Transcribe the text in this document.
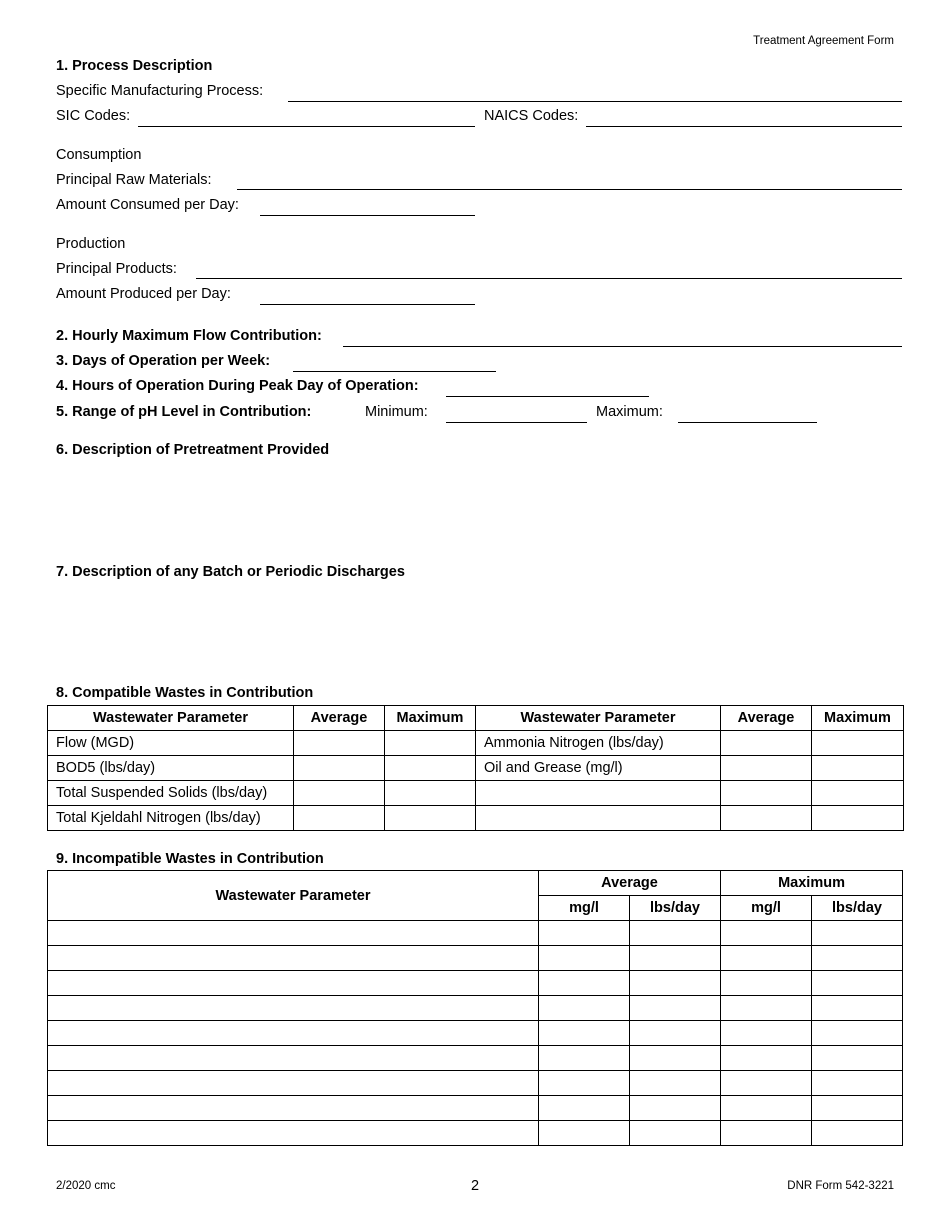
Treatment Agreement Form
1. Process Description
Specific Manufacturing Process:
SIC Codes:	NAICS Codes:
Consumption
Principal Raw Materials:
Amount Consumed per Day:
Production
Principal Products:
Amount Produced per Day:
2. Hourly Maximum Flow Contribution:
3. Days of Operation per Week:
4. Hours of Operation During Peak Day of Operation:
5. Range of pH Level in Contribution:	Minimum:	Maximum:
6. Description of Pretreatment Provided
7. Description of any Batch or Periodic Discharges
8. Compatible Wastes in Contribution
Wastewater Parameter	Average	Maximum	Wastewater Parameter	Average	Maximum
Flow (MGD)			Ammonia Nitrogen (lbs/day)		
BOD5 (lbs/day)			Oil and Grease (mg/l)		
Total Suspended Solids (lbs/day)					
Total Kjeldahl Nitrogen (lbs/day)					
9. Incompatible Wastes in Contribution
Wastewater Parameter	Average		Maximum	
	mg/l	lbs/day	mg/l	lbs/day

2/2020 cmc	2	DNR Form 542-3221
